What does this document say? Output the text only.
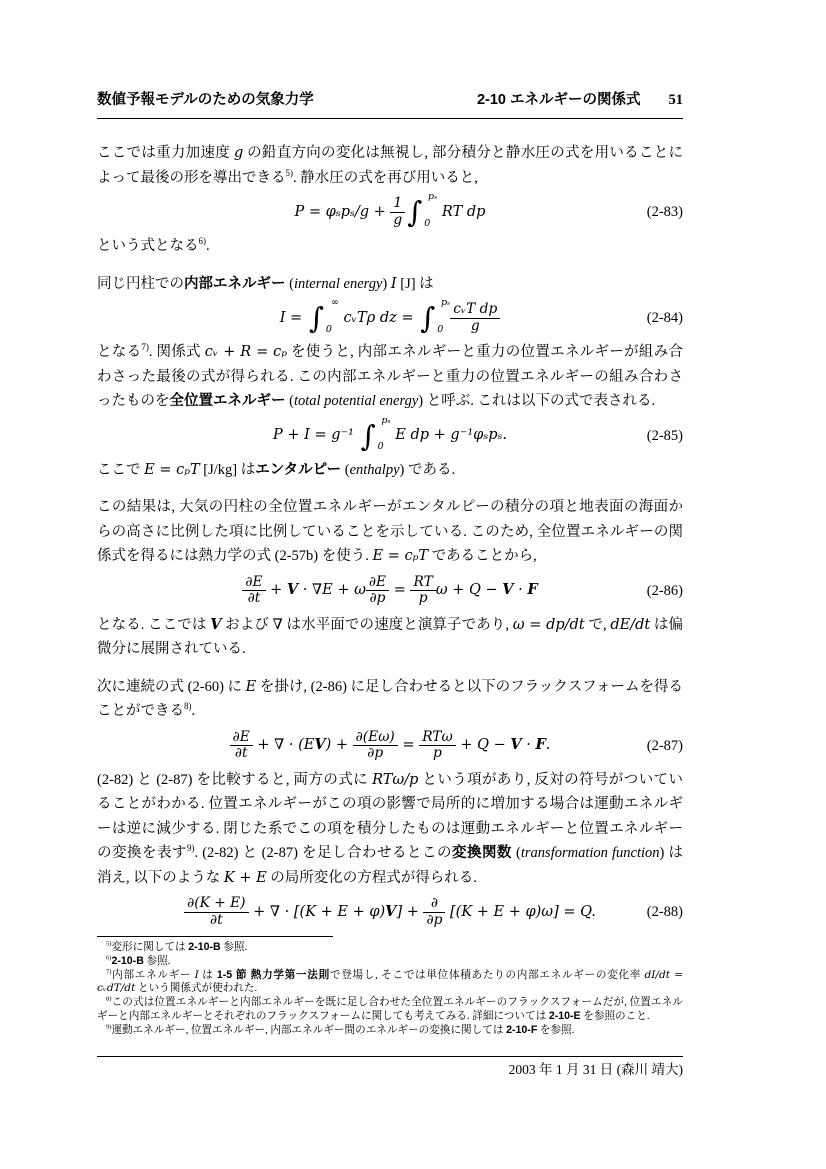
数値予報モデルのための気象力学	2-10 エネルギーの関係式 51

ここでは重力加速度 g の鉛直方向の変化は無視し, 部分積分と静水圧の式を用いることによって最後の形を導出できる$^{5)}$. 静水圧の式を再び用いると,

$P = \varphi_sp_s/g + \frac{1}{g}$ ∫ pₛ
0
RT dp	(2-83)

という式となる$^{6)}$.

同じ円柱での内部エネルギー (internal energy) I [J] は

I = ∫ ∞
0
cᵥTρ dz = ∫ pₛ
$0 \frac{\text{cᵥT dp}}{g}$	(2-84)

となる$^{7)}$. 関係式 cᵥ + R = cₚ を使うと, 内部エネルギーと重力の位置エネルギーが組み合わさった最後の式が得られる. この内部エネルギーと重力の位置エネルギーの組み合わさったものを全位置エネルギー (total potential energy) と呼ぶ. これは以下の式で表される.

P + I = g⁻¹ ∫ pₛ
0
E dp + g⁻¹φₛpₛ.	(2-85)

ここで E = cₚT [J/kg] はエンタルピー (enthalpy) である.

この結果は, 大気の円柱の全位置エネルギーがエンタルピーの積分の項と地表面の海面からの高さに比例した項に比例していることを示している. このため, 全位置エネルギーの関係式を得るには熱力学の式 (2-57b) を使う. E = cₚT であることから,

$\frac{\partial E}{\partial t} + V \cdot \nabla E + \omega \frac{\partial E}{\partial p} = \frac{RT}{p}$ ω + Q − V · F	(2-86)

となる. ここでは V および ∇ は水平面での速度と演算子であり, ω = dp/dt で, dE/dt は偏微分に展開されている.

次に連続の式 (2-60) に E を掛け, (2-86) に足し合わせると以下のフラックスフォームを得ることができる$^{8)}$.

$\frac{\partial E}{\partial t}$ + ∇ · (E V ) + $\frac{\partial(E\omega)}{\partial p} = \frac{\text{RTω}}{p} + Q - V \cdot F$ .	(2-87)

(2-82) と (2-87) を比較すると, 両方の式に RTω/p という項があり, 反対の符号がついていることがわかる. 位置エネルギーがこの項の影響で局所的に増加する場合は運動エネルギーは逆に減少する. 閉じた系でこの項を積分したものは運動エネルギーと位置エネルギーの変換を表す$^{9)}$. (2-82) と (2-87) を足し合わせるとこの変換関数 (transformation function) は消え, 以下のような K + E の局所変化の方程式が得られる.

$\frac{\partial(K + E)}{\partial t}$ + ∇ · [(K + E + φ) V ] + $\frac{\partial}{\partial p} [(K + E + \varphi)\omega] = Q$.	(2-88)

$^{5)}$変形に関しては 2-10-B 参照.

$^{6)}$2-10-B 参照.

$^{7)}$内部エネルギー I は 1-5 節 熱力学第一法則で登場し, そこでは単位体積あたりの内部エネルギーの変化率 dI/dt = cᵥdT/dt という関係式が使われた.

$^{8)}$この式は位置エネルギーと内部エネルギーを既に足し合わせた全位置エネルギーのフラックスフォームだが, 位置エネルギーと内部エネルギーとそれぞれのフラックスフォームに関しても考えてみる. 詳細については 2-10-E を参照のこと.

$^{9)}$運動エネルギー, 位置エネルギー, 内部エネルギー間のエネルギーの変換に関しては 2-10-F を参照.

2003 年 1 月 31 日 (森川 靖大)
